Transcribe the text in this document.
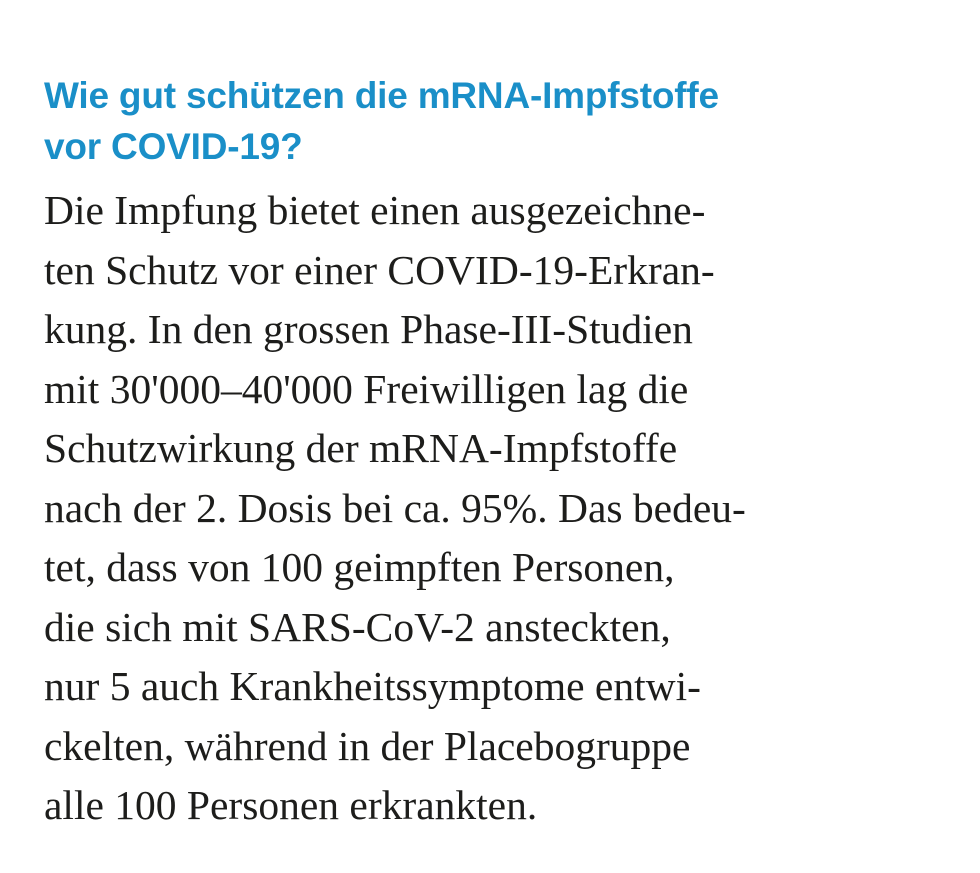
Wie gut schützen die mRNA-Impfstoffe
vor COVID-19?

Die Impfung bietet einen ausgezeichne-
ten Schutz vor einer COVID-19-Erkran-
kung. In den grossen Phase-III-Studien
mit 30'000–40'000 Freiwilligen lag die
Schutzwirkung der mRNA-Impfstoffe
nach der 2. Dosis bei ca. 95%. Das bedeu-
tet, dass von 100 geimpften Personen,
die sich mit SARS-CoV-2 ansteckten,
nur 5 auch Krankheitssymptome entwi-
ckelten, während in der Placebogruppe
alle 100 Personen erkrankten.
